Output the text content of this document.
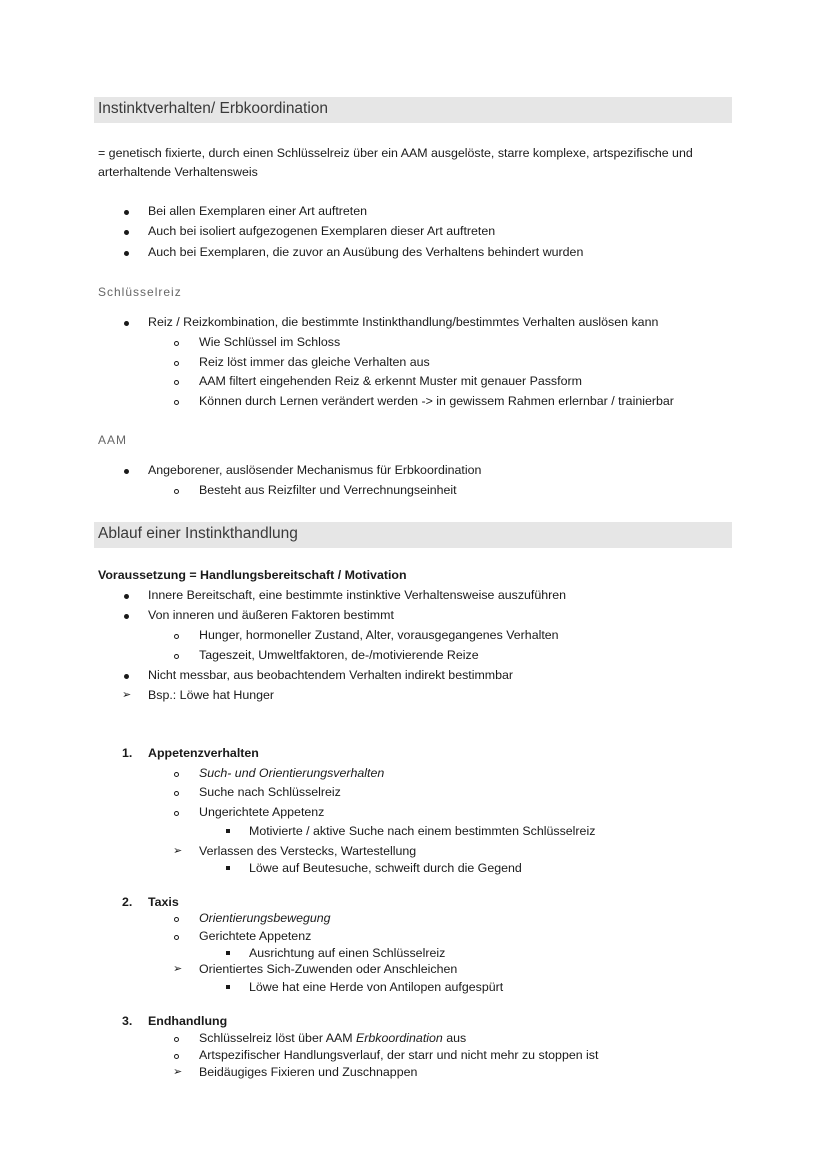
Instinktverhalten/ Erbkoordination
= genetisch fixierte, durch einen Schlüsselreiz über ein AAM ausgelöste, starre komplexe, artspezifische und
arterhaltende Verhaltensweis
Bei allen Exemplaren einer Art auftreten
Auch bei isoliert aufgezogenen Exemplaren dieser Art auftreten
Auch bei Exemplaren, die zuvor an Ausübung des Verhaltens behindert wurden
Schlüsselreiz
Reiz / Reizkombination, die bestimmte Instinkthandlung/bestimmtes Verhalten auslösen kann
Wie Schlüssel im Schloss
Reiz löst immer das gleiche Verhalten aus
AAM filtert eingehenden Reiz & erkennt Muster mit genauer Passform
Können durch Lernen verändert werden -> in gewissem Rahmen erlernbar / trainierbar
AAM
Angeborener, auslösender Mechanismus für Erbkoordination
Besteht aus Reizfilter und Verrechnungseinheit
Ablauf einer Instinkthandlung
Voraussetzung = Handlungsbereitschaft / Motivation
Innere Bereitschaft, eine bestimmte instinktive Verhaltensweise auszuführen
Von inneren und äußeren Faktoren bestimmt
Hunger, hormoneller Zustand, Alter, vorausgegangenes Verhalten
Tageszeit, Umweltfaktoren, de-/motivierende Reize
Nicht messbar, aus beobachtendem Verhalten indirekt bestimmbar
➢ Bsp.: Löwe hat Hunger
1. Appetenzverhalten
Such- und Orientierungsverhalten
Suche nach Schlüsselreiz
Ungerichtete Appetenz
Motivierte / aktive Suche nach einem bestimmten Schlüsselreiz
➢ Verlassen des Verstecks, Wartestellung
Löwe auf Beutesuche, schweift durch die Gegend
2. Taxis
Orientierungsbewegung
Gerichtete Appetenz
Ausrichtung auf einen Schlüsselreiz
➢ Orientiertes Sich-Zuwenden oder Anschleichen
Löwe hat eine Herde von Antilopen aufgespürt
3. Endhandlung
Schlüsselreiz löst über AAM Erbkoordination aus
Artspezifischer Handlungsverlauf, der starr und nicht mehr zu stoppen ist
➢ Beidäugiges Fixieren und Zuschnappen
